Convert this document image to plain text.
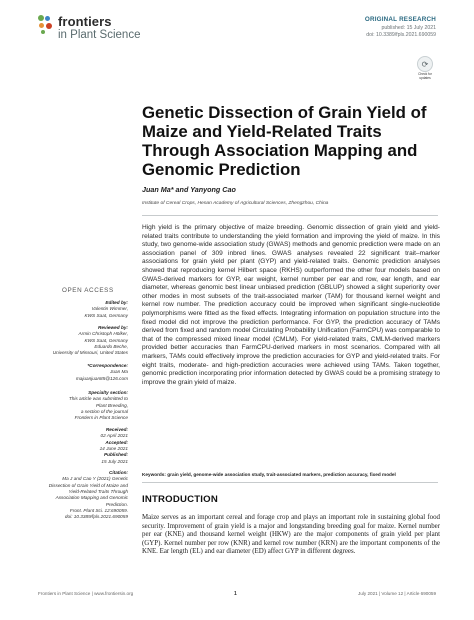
frontiers
in Plant Science
ORIGINAL RESEARCH
published: 15 July 2021
doi: 10.3389/fpls.2021.690059
⟳
Check for updates
Genetic Dissection of Grain Yield of Maize and Yield-Related Traits Through Association Mapping and Genomic Prediction
Juan Ma* and Yanyong Cao
Institute of Cereal Crops, Henan Academy of Agricultural Sciences, Zhengzhou, China
High yield is the primary objective of maize breeding. Genomic dissection of grain yield and yield-related traits contribute to understanding the yield formation and improving the yield of maize. In this study, two genome-wide association study (GWAS) methods and genomic prediction were made on an association panel of 309 inbred lines. GWAS analyses revealed 22 significant trait–marker associations for grain yield per plant (GYP) and yield-related traits. Genomic prediction analyses showed that reproducing kernel Hilbert space (RKHS) outperformed the other four models based on GWAS-derived markers for GYP, ear weight, kernel number per ear and row, ear length, and ear diameter, whereas genomic best linear unbiased prediction (GBLUP) showed a slight superiority over other modes in most subsets of the trait-associated marker (TAM) for thousand kernel weight and kernel row number. The prediction accuracy could be improved when significant single-nucleotide polymorphisms were fitted as the fixed effects. Integrating information on population structure into the fixed model did not improve the prediction performance. For GYP, the prediction accuracy of TAMs derived from fixed and random model Circulating Probability Unification (FarmCPU) was comparable to that of the compressed mixed linear model (CMLM). For yield-related traits, CMLM-derived markers provided better accuracies than FarmCPU-derived markers in most scenarios. Compared with all markers, TAMs could effectively improve the prediction accuracies for GYP and yield-related traits. For eight traits, moderate- and high-prediction accuracies were achieved using TAMs. Taken together, genomic prediction incorporating prior information detected by GWAS could be a promising strategy to improve the grain yield of maize.
Keywords: grain yield, genome-wide association study, trait-associated markers, prediction accuracy, fixed model
OPEN ACCESS
Edited by:
Valentin Wimmer,
KWS Saat, Germany
Reviewed by:
Armin Christoph Hölker,
KWS Saat, Germany
Eduardo Beche,
University of Missouri, United States
*Correspondence:
Juan Ma
majuanjuan85@126.com
Specialty section:
This article was submitted to
Plant Breeding,
a section of the journal
Frontiers in Plant Science
Received:
02 April 2021
Accepted:
14 June 2021
Published:
15 July 2021
Citation:
Ma J and Cao Y (2021) Genetic
Dissection of Grain Yield of Maize and
Yield-Related Traits Through
Association Mapping and Genomic
Prediction.
Front. Plant Sci. 12:690059.
doi: 10.3389/fpls.2021.690059
INTRODUCTION
Maize serves as an important cereal and forage crop and plays an important role in sustaining global food security. Improvement of grain yield is a major and longstanding breeding goal for maize. Kernel number per ear (KNE) and thousand kernel weight (HKW) are the major components of grain yield per plant (GYP). Kernel number per row (KNR) and kernel row number (KRN) are the important components of the KNE. Ear length (EL) and ear diameter (ED) affect GYP in different degrees.
Frontiers in Plant Science | www.frontiersin.org	1	July 2021 | Volume 12 | Article 690059
